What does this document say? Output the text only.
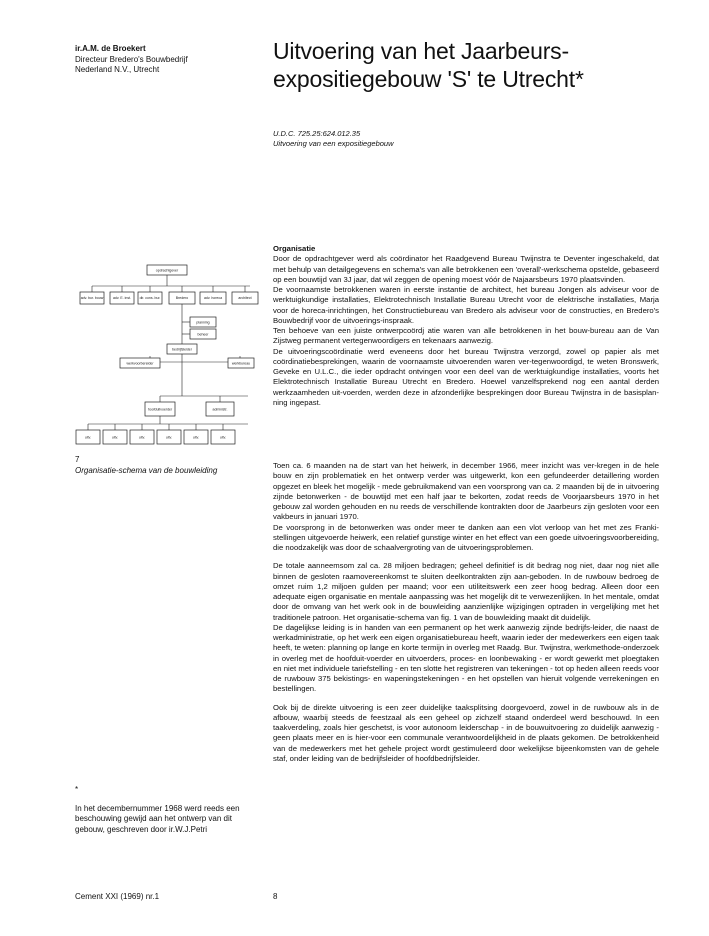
ir.A.M. de Broekert
Directeur Bredero's Bouwbedrijf
Nederland N.V., Utrecht
Uitvoering van het Jaarbeurs-
expositiegebouw 'S' te Utrecht*
U.D.C. 725.25:624.012.35
Uitvoering van een expositiegebouw
opdrachtgever
adv. bur. bouw	adv. E. inst. dir. cons. bur.	Bredero	adv. horeca	architect
planning
beheer
bedrijfsleider
werkvoorbereider	werkbureau
hoofduitvoerder	administr.
uitv.	uitv.	uitv.	uitv.	uitv.	uitv.
7
Organisatie-schema van de bouwleiding

Organisatie

Door de opdrachtgever werd als coördinator het Raadgevend Bureau Twijnstra te Deventer ingeschakeld, dat met behulp van detailgegevens en schema's van alle betrokkenen een 'overall'-werkschema opstelde, gebaseerd op een bouwtijd van 3J jaar, dat wil zeggen de opening moest vóór de Najaarsbeurs 1970 plaatsvinden.

De voornaamste betrokkenen waren in eerste instantie de architect, het bureau Jongen als adviseur voor de werktuigkundige installaties, Elektrotechnisch Installatie Bureau Utrecht voor de elektrische installaties, Marja voor de horeca-inrichtingen, het Constructiebureau van Bredero als adviseur voor de constructies, en Bredero's Bouwbedrijf voor de uitvoerings-inspraak.

Ten behoeve van een juiste ontwerpcoördj atie waren van alle betrokkenen in het bouw-bureau aan de Van Zijstweg permanent vertegenwoordigers en tekenaars aanwezig.

De uitvoeringscoördinatie werd eveneens door het bureau Twijnstra verzorgd, zowel op papier als met coördinatiebesprekingen, waarin de voornaamste uitvoerenden waren ver-tegenwoordigd, te weten Bronswerk, Geveke en U.L.C., die ieder opdracht ontvingen voor een deel van de werktuigkundige installaties, voorts het Elektrotechnisch Installatie Bureau Utrecht en Bredero. Hoewel vanzelfsprekend nog een aantal derden werkzaamheden uit-voerden, werden deze in afzonderlijke besprekingen door Bureau Twijnstra in de basisplan-ning ingepast.

Toen ca. 6 maanden na de start van het heiwerk, in december 1966, meer inzicht was ver-kregen in de hele bouw en zijn problematiek en het ontwerp verder was uitgewerkt, kon een gefundeerder detaillering worden opgezet en bleek het mogelijk - mede gebruikmakend van een voorsprong van ca. 2 maanden bij de in uitvoering zijnde betonwerken - de bouwtijd met een half jaar te bekorten, zodat reeds de Voorjaarsbeurs 1970 in het gebouw zal worden gehouden en nu reeds de verschillende kontrakten door de Jaarbeurs zijn gesloten voor een vakbeurs in januari 1970.

De voorsprong in de betonwerken was onder meer te danken aan een vlot verloop van het met zes Franki-stellingen uitgevoerde heiwerk, een relatief gunstige winter en het effect van een goede uitvoeringsvoorbereiding, die noodzakelijk was door de schaalvergroting van de uitvoeringsproblemen.

De totale aanneemsom zal ca. 28 miljoen bedragen; geheel definitief is dit bedrag nog niet, daar nog niet alle binnen de gesloten raamovereenkomst te sluiten deelkontrakten zijn aan-geboden. In de ruwbouw bedroeg de omzet ruim 1,2 miljoen gulden per maand; voor een utiliteitswerk een zeer hoog bedrag. Alleen door een adequate eigen organisatie en mentale aanpassing was het mogelijk dit te verwezenlijken. In het mentale, omdat door de omvang van het werk ook in de bouwleiding aanzienlijke wijzigingen optraden in vergelijking met het traditionele patroon. Het organisatie-schema van fig. 1 van de bouwleiding maakt dit duidelijk.

De dagelijkse leiding is in handen van een permanent op het werk aanwezig zijnde bedrijfs-leider, die naast de werkadministratie, op het werk een eigen organisatiebureau heeft, waarin ieder der medewerkers een eigen taak heeft, te weten: planning op lange en korte termijn in overleg met Raadg. Bur. Twijnstra, werkmethode-onderzoek in overleg met de hoofduit-voerder en uitvoerders, proces- en loonbewaking - er wordt gewerkt met ploegtaken en niet met individuele tariefstelling - en ten slotte het registreren van tekeningen - tot op heden alleen reeds voor de ruwbouw 375 bekistings- en wapeningstekeningen - en het opstellen van hieruit volgende verrekeningen en bestellingen.

Ook bij de direkte uitvoering is een zeer duidelijke taaksplitsing doorgevoerd, zowel in de ruwbouw als in de afbouw, waarbij steeds de feestzaal als een geheel op zichzelf staand onderdeel werd beschouwd. In een taakverdeling, zoals hier geschetst, is voor autonoom leiderschap - in de bouwuitvoering zo duidelijk aanwezig - geen plaats meer en is hier-voor een communale verantwoordelijkheid in de plaats gekomen. De betrokkenheid van de medewerkers met het gehele project wordt gestimuleerd door wekelijkse bijeenkomsten van de gehele staf, onder leiding van de bedrijfsleider of hoofdbedrijfsleider.

*
In het decembernummer 1968 werd reeds een beschouwing gewijd aan het ontwerp van dit gebouw, geschreven door ir.W.J.Petri
Cement XXI (1969) nr.1	8
